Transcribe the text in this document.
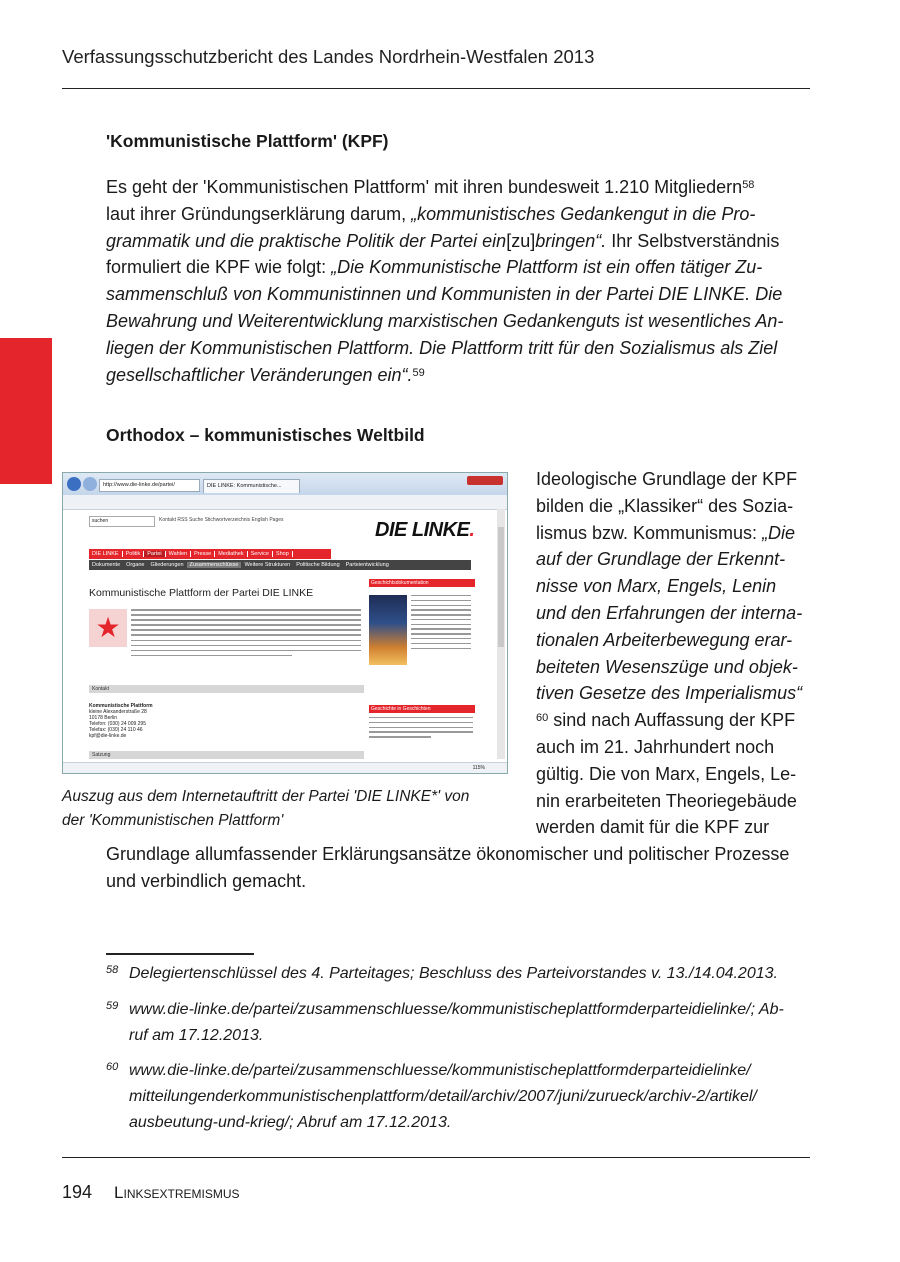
Verfassungsschutzbericht des Landes Nordrhein-Westfalen 2013
'Kommunistische Plattform' (KPF)
Es geht der 'Kommunistischen Plattform' mit ihren bundesweit 1.210 Mitgliedern$^{58}$
laut ihrer Gründungserklärung darum, „kommunistisches Gedankengut in die Pro-
grammatik und die praktische Politik der Partei ein[zu]bringen“. Ihr Selbstverständnis
formuliert die KPF wie folgt: „Die Kommunistische Plattform ist ein offen tätiger Zu-
sammenschluß von Kommunistinnen und Kommunisten in der Partei DIE LINKE. Die
Bewahrung und Weiterentwicklung marxistischen Gedankenguts ist wesentliches An-
liegen der Kommunistischen Plattform. Die Plattform tritt für den Sozialismus als Ziel
gesellschaftlicher Veränderungen ein“.$^{59}$
Orthodox – kommunistisches Weltbild
http://www.die-linke.de/partei/	DIE LINKE: Kommunistische...
suchen	Kontakt RSS Suche Stichwortverzeichnis English Pages	DIE LINKE.
DIE LINKE Politik Partei Wahlen Presse Mediathek Service Shop
Dokumente Organe Gliederungen Zusammenschlüsse Weitere Strukturen Politische Bildung Parteientwicklung
Kommunistische Plattform der Partei DIE LINKE
★
Kontakt
Kommunistische Plattform
kleine Alexanderstraße 28
10178 Berlin
Telefon: (030) 24 009 295
Telefax: (030) 24 110 46
kpf@die-linke.de
Satzung
Geschichtsdokumentation
Geschichte in Geschichten
115%
Auszug aus dem Internetauftritt der Partei 'DIE LINKE*' von
der 'Kommunistischen Plattform'
Ideologische Grundlage der KPF
bilden die „Klassiker“ des Sozia-
lismus bzw. Kommunismus: „Die
auf der Grundlage der Erkennt-
nisse von Marx, Engels, Lenin
und den Erfahrungen der interna-
tionalen Arbeiterbewegung erar-
beiteten Wesenszüge und objek-
tiven Gesetze des Imperialismus“
$^{60}$ sind nach Auffassung der KPF
auch im 21. Jahrhundert noch
gültig. Die von Marx, Engels, Le-
nin erarbeiteten Theoriegebäude
werden damit für die KPF zur
Grundlage allumfassender Erklärungsansätze ökonomischer und politischer Prozesse
und verbindlich gemacht.
58 Delegiertenschlüssel des 4. Parteitages; Beschluss des Parteivorstandes v. 13./14.04.2013.
59 www.die-linke.de/partei/zusammenschluesse/kommunistischeplattformderparteidielinke/; Ab-
ruf am 17.12.2013.
60 www.die-linke.de/partei/zusammenschluesse/kommunistischeplattformderparteidielinke/
mitteilungenderkommunistischenplattform/detail/archiv/2007/juni/zurueck/archiv-2/artikel/
ausbeutung-und-krieg/; Abruf am 17.12.2013.
194 Linksextremismus
